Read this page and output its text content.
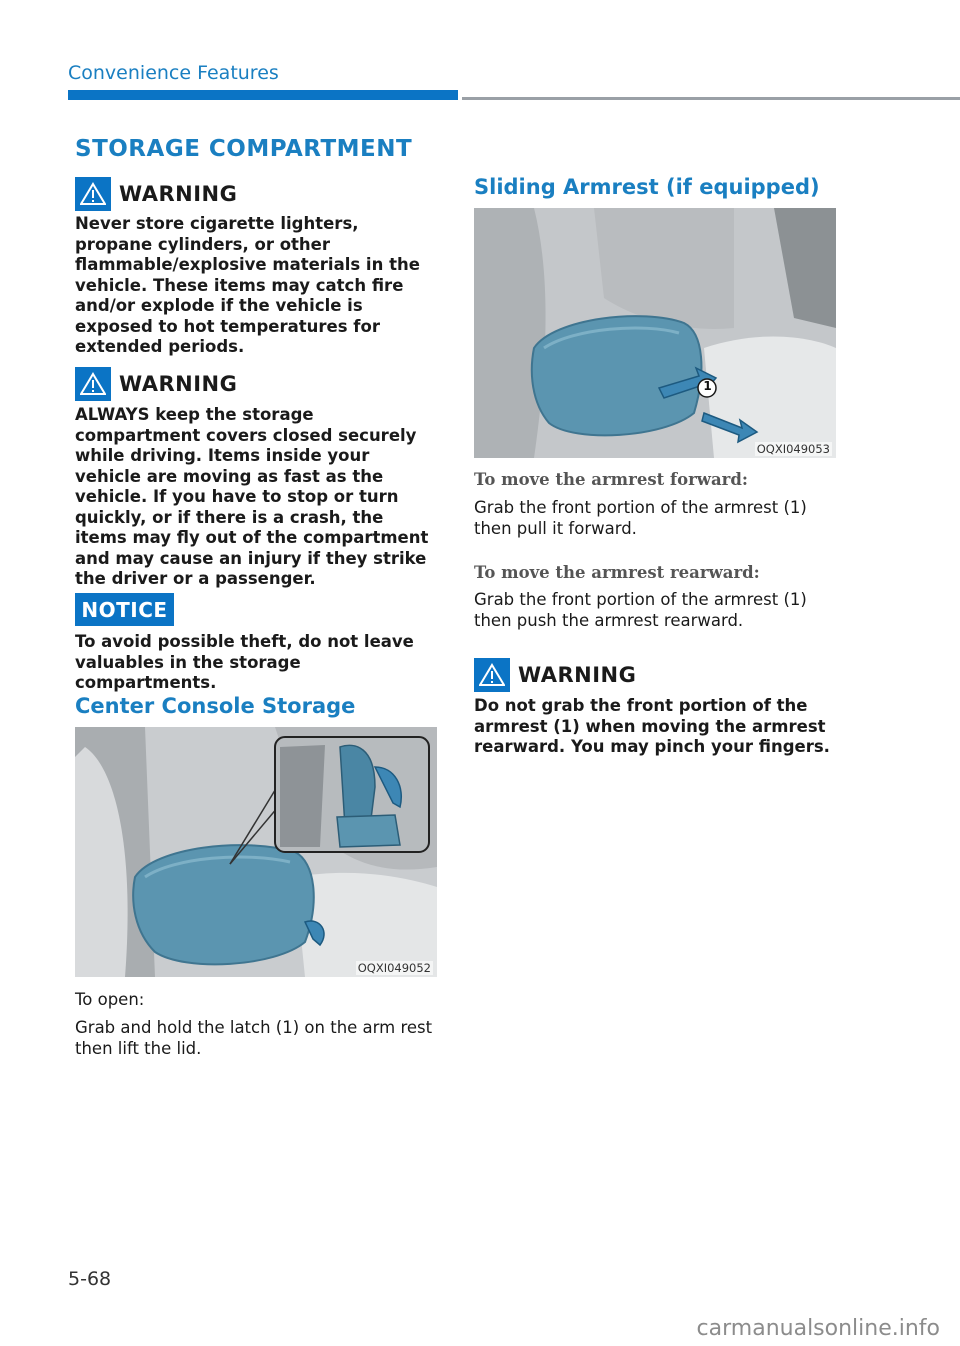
Convenience Features
STORAGE COMPARTMENT
WARNING
Never store cigarette lighters, propane cylinders, or other flammable/explosive materials in the vehicle. These items may catch fire and/or explode if the vehicle is exposed to hot temperatures for extended periods.
WARNING
ALWAYS keep the storage compartment covers closed securely while driving. Items inside your vehicle are moving as fast as the vehicle. If you have to stop or turn quickly, or if there is a crash, the items may fly out of the compartment and may cause an injury if they strike the driver or a passenger.
NOTICE
To avoid possible theft, do not leave valuables in the storage compartments.
Center Console Storage
OQXI049052
To open:
Grab and hold the latch (1) on the arm rest then lift the lid.
Sliding Armrest (if equipped)
1
OQXI049053
To move the armrest forward:
Grab the front portion of the armrest (1) then pull it forward.
To move the armrest rearward:
Grab the front portion of the armrest (1) then push the armrest rearward.
WARNING
Do not grab the front portion of the armrest (1) when moving the armrest rearward. You may pinch your fingers.
5-68
carmanualsonline.info
